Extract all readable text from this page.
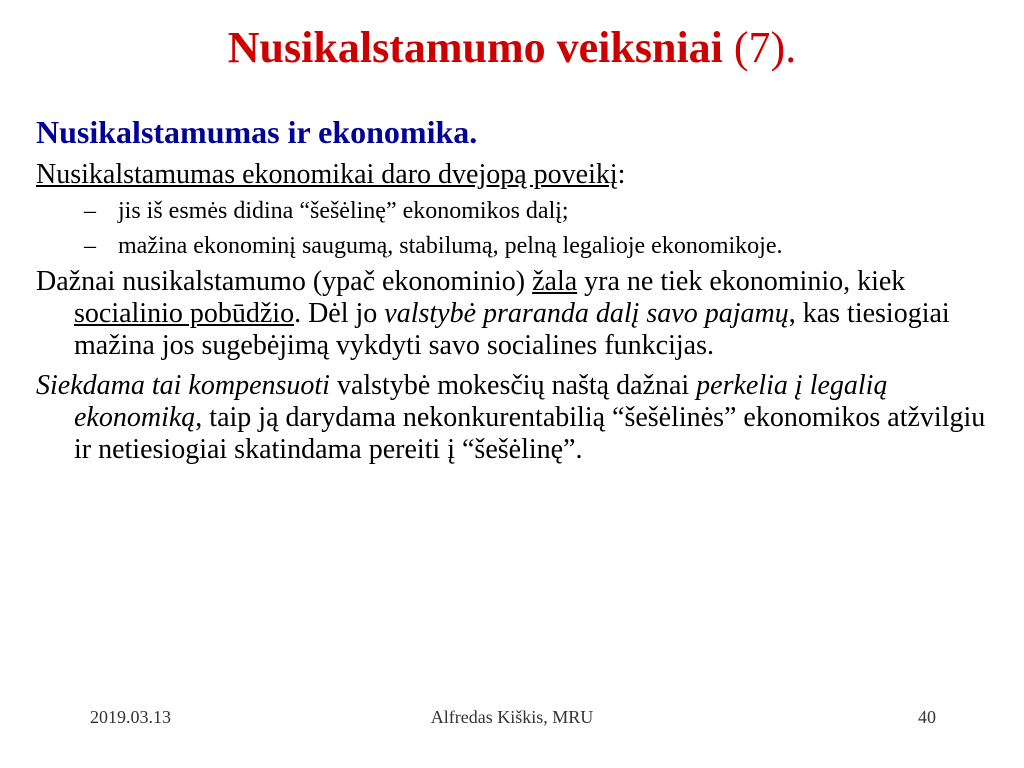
Nusikalstamumo veiksniai (7).
Nusikalstamumas ir ekonomika.
Nusikalstamumas ekonomikai daro dvejopą poveikį:
– jis iš esmės didina “šešėlinę” ekonomikos dalį;
– mažina ekonominį saugumą, stabilumą, pelną legalioje ekonomikoje.
Dažnai nusikalstamumo (ypač ekonominio) žala yra ne tiek ekonominio, kiek socialinio pobūdžio. Dėl jo valstybė praranda dalį savo pajamų, kas tiesiogiai mažina jos sugebėjimą vykdyti savo socialines funkcijas.
Siekdama tai kompensuoti valstybė mokesčių naštą dažnai perkelia į legalią ekonomiką, taip ją darydama nekonkurentabilią “šešėlinės” ekonomikos atžvilgiu ir netiesiogiai skatindama pereiti į “šešėlinę”.
2019.03.13	Alfredas Kiškis, MRU	40
